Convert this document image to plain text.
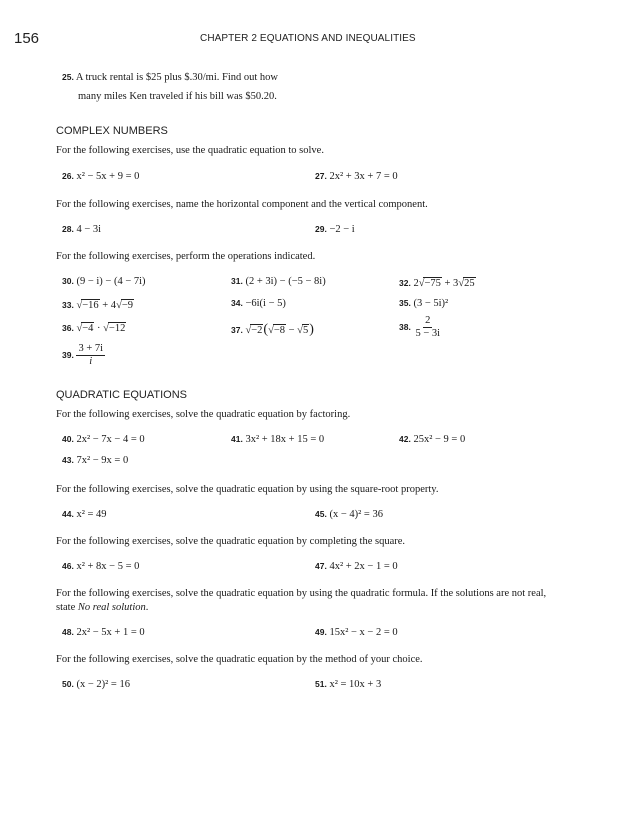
156	CHAPTER 2 EQUATIONS AND INEQUALITIES
25. A truck rental is $25 plus $.30/mi. Find out how
many miles Ken traveled if his bill was $50.20.
COMPLEX NUMBERS
For the following exercises, use the quadratic equation to solve.
26. x² − 5x + 9 = 0	27. 2x² + 3x + 7 = 0
For the following exercises, name the horizontal component and the vertical component.
28. 4 − 3i	29. −2 − i
For the following exercises, perform the operations indicated.
30. (9 − i) − (4 − 7i)	31. (2 + 3i) − (−5 − 8i)	32. 2√−75 + 3√25
33. √−16 + 4√−9	34. −6i(i − 5)	35. (3 − 5i)²
36. √−4 · √−12	37. √−2(√−8 − √5)	38. $\frac{2}{5 - 3i}$
39. $\frac{3 + 7i}{i}$
QUADRATIC EQUATIONS
For the following exercises, solve the quadratic equation by factoring.
40. 2x² − 7x − 4 = 0	41. 3x² + 18x + 15 = 0	42. 25x² − 9 = 0
43. 7x² − 9x = 0
For the following exercises, solve the quadratic equation by using the square-root property.
44. x² = 49	45. (x − 4)² = 36
For the following exercises, solve the quadratic equation by completing the square.
46. x² + 8x − 5 = 0	47. 4x² + 2x − 1 = 0
For the following exercises, solve the quadratic equation by using the quadratic formula. If the solutions are not real,
state No real solution.
48. 2x² − 5x + 1 = 0	49. 15x² − x − 2 = 0
For the following exercises, solve the quadratic equation by the method of your choice.
50. (x − 2)² = 16	51. x² = 10x + 3
